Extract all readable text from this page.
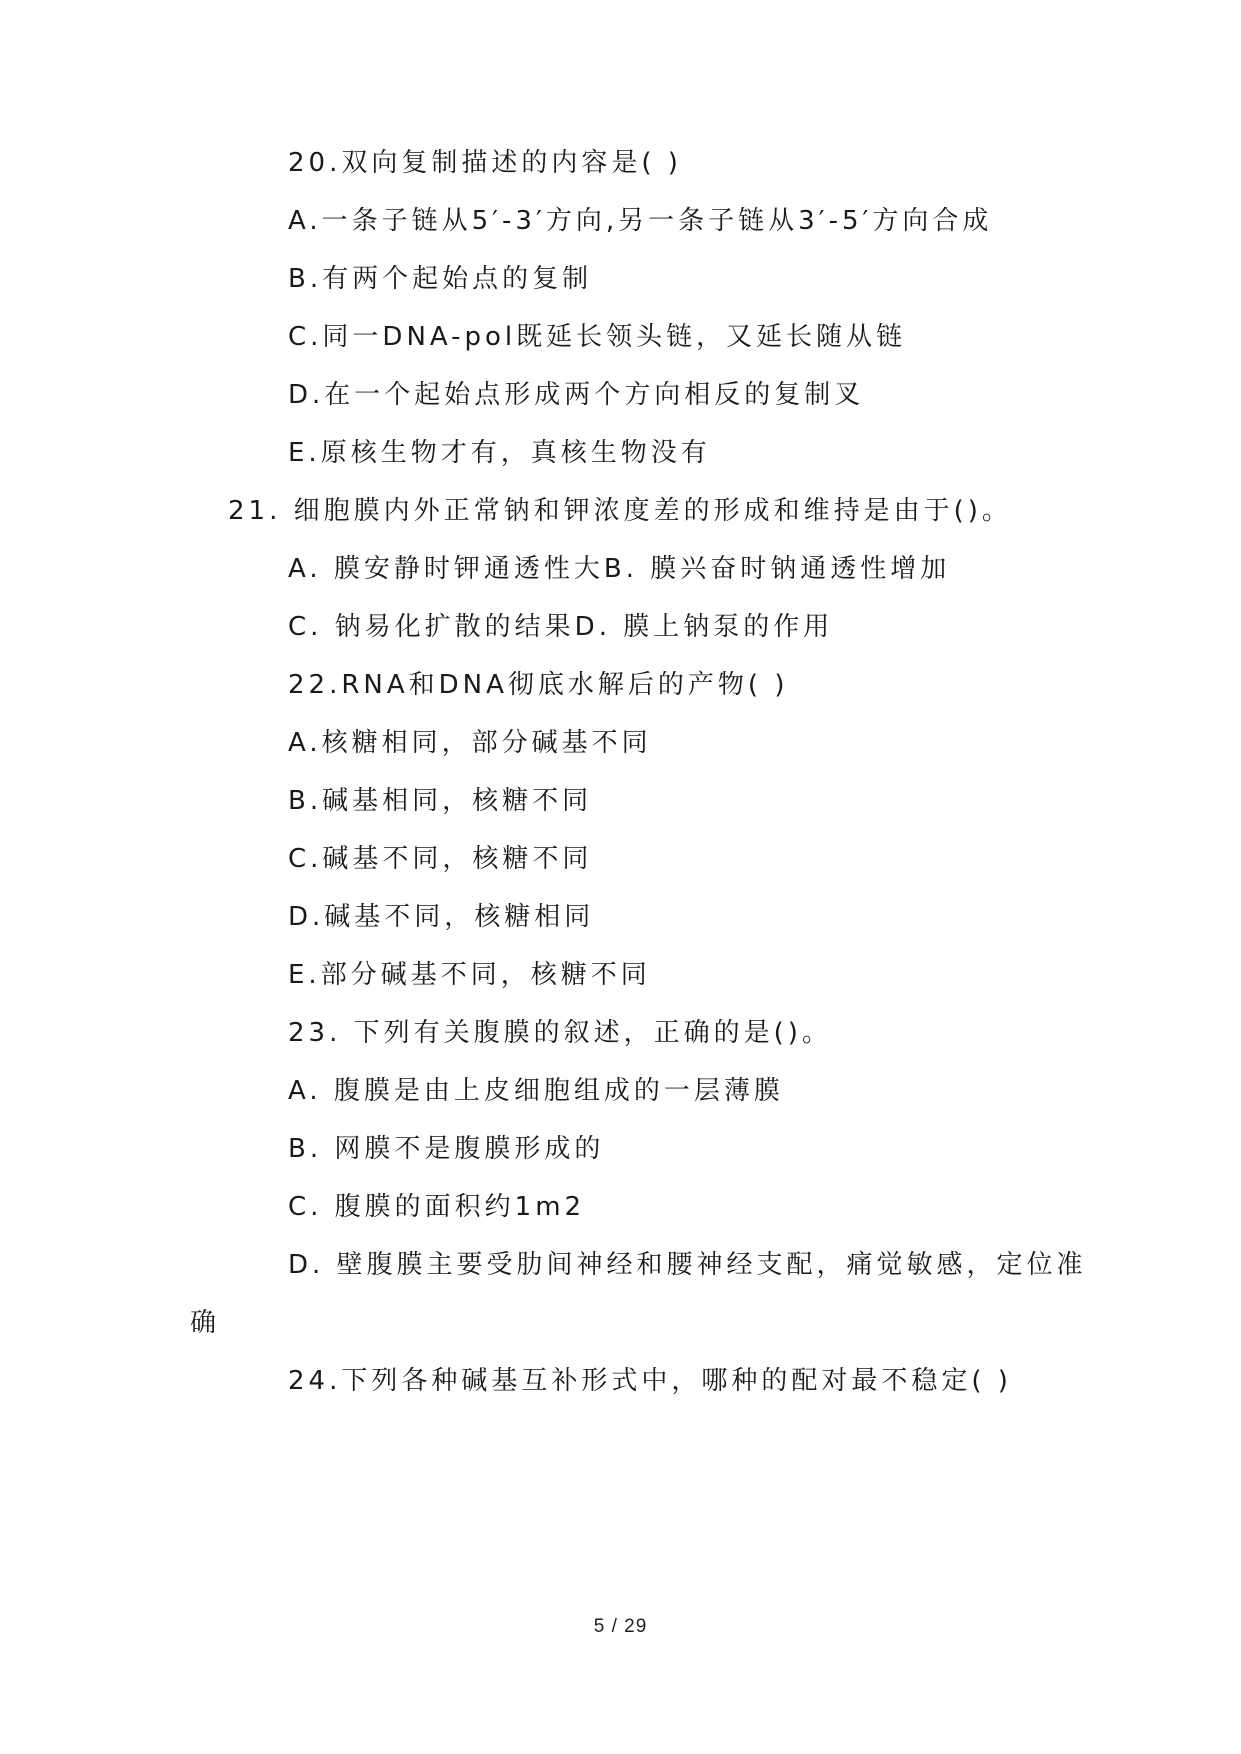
20.双向复制描述的内容是( )
A.一条子链从5′-3′方向,另一条子链从3′-5′方向合成
B.有两个起始点的复制
C.同一DNA-pol既延长领头链，又延长随从链
D.在一个起始点形成两个方向相反的复制叉
E.原核生物才有，真核生物没有
21. 细胞膜内外正常钠和钾浓度差的形成和维持是由于()。
A. 膜安静时钾通透性大B. 膜兴奋时钠通透性增加
C. 钠易化扩散的结果D. 膜上钠泵的作用
22.RNA和DNA彻底水解后的产物( )
A.核糖相同，部分碱基不同
B.碱基相同，核糖不同
C.碱基不同，核糖不同
D.碱基不同，核糖相同
E.部分碱基不同，核糖不同
23. 下列有关腹膜的叙述，正确的是()。
A. 腹膜是由上皮细胞组成的一层薄膜
B. 网膜不是腹膜形成的
C. 腹膜的面积约1m2
D. 壁腹膜主要受肋间神经和腰神经支配，痛觉敏感，定位准
确
24.下列各种碱基互补形式中，哪种的配对最不稳定( )
5 / 29
